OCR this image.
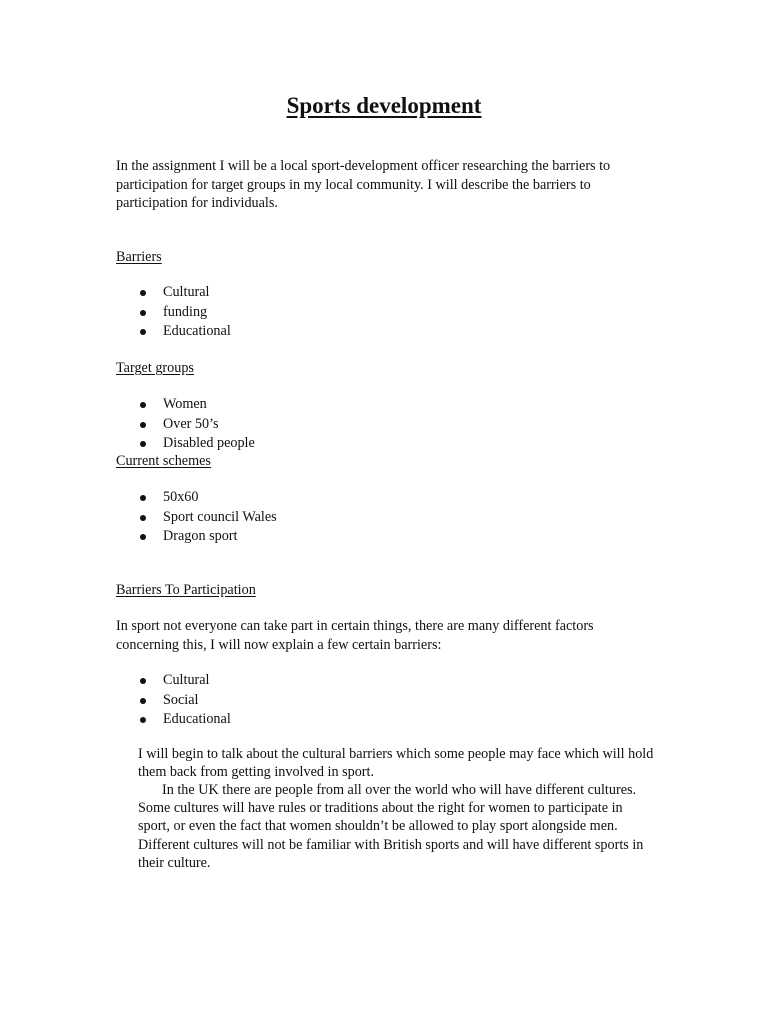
Sports development

In the assignment I will be a local sport-development officer researching the barriers to participation for target groups in my local community. I will describe the barriers to participation for individuals.

Barriers

Cultural
funding
Educational

Target groups

Women
Over 50’s
Disabled people

Current schemes

50x60
Sport council Wales
Dragon sport

Barriers To Participation

In sport not everyone can take part in certain things, there are many different factors concerning this, I will now explain a few certain barriers:

Cultural
Social
Educational

I will begin to talk about the cultural barriers which some people may face which will hold them back from getting involved in sport.

In the UK there are people from all over the world who will have different cultures. Some cultures will have rules or traditions about the right for women to participate in sport, or even the fact that women shouldn’t be allowed to play sport alongside men. Different cultures will not be familiar with British sports and will have different sports in their culture.
